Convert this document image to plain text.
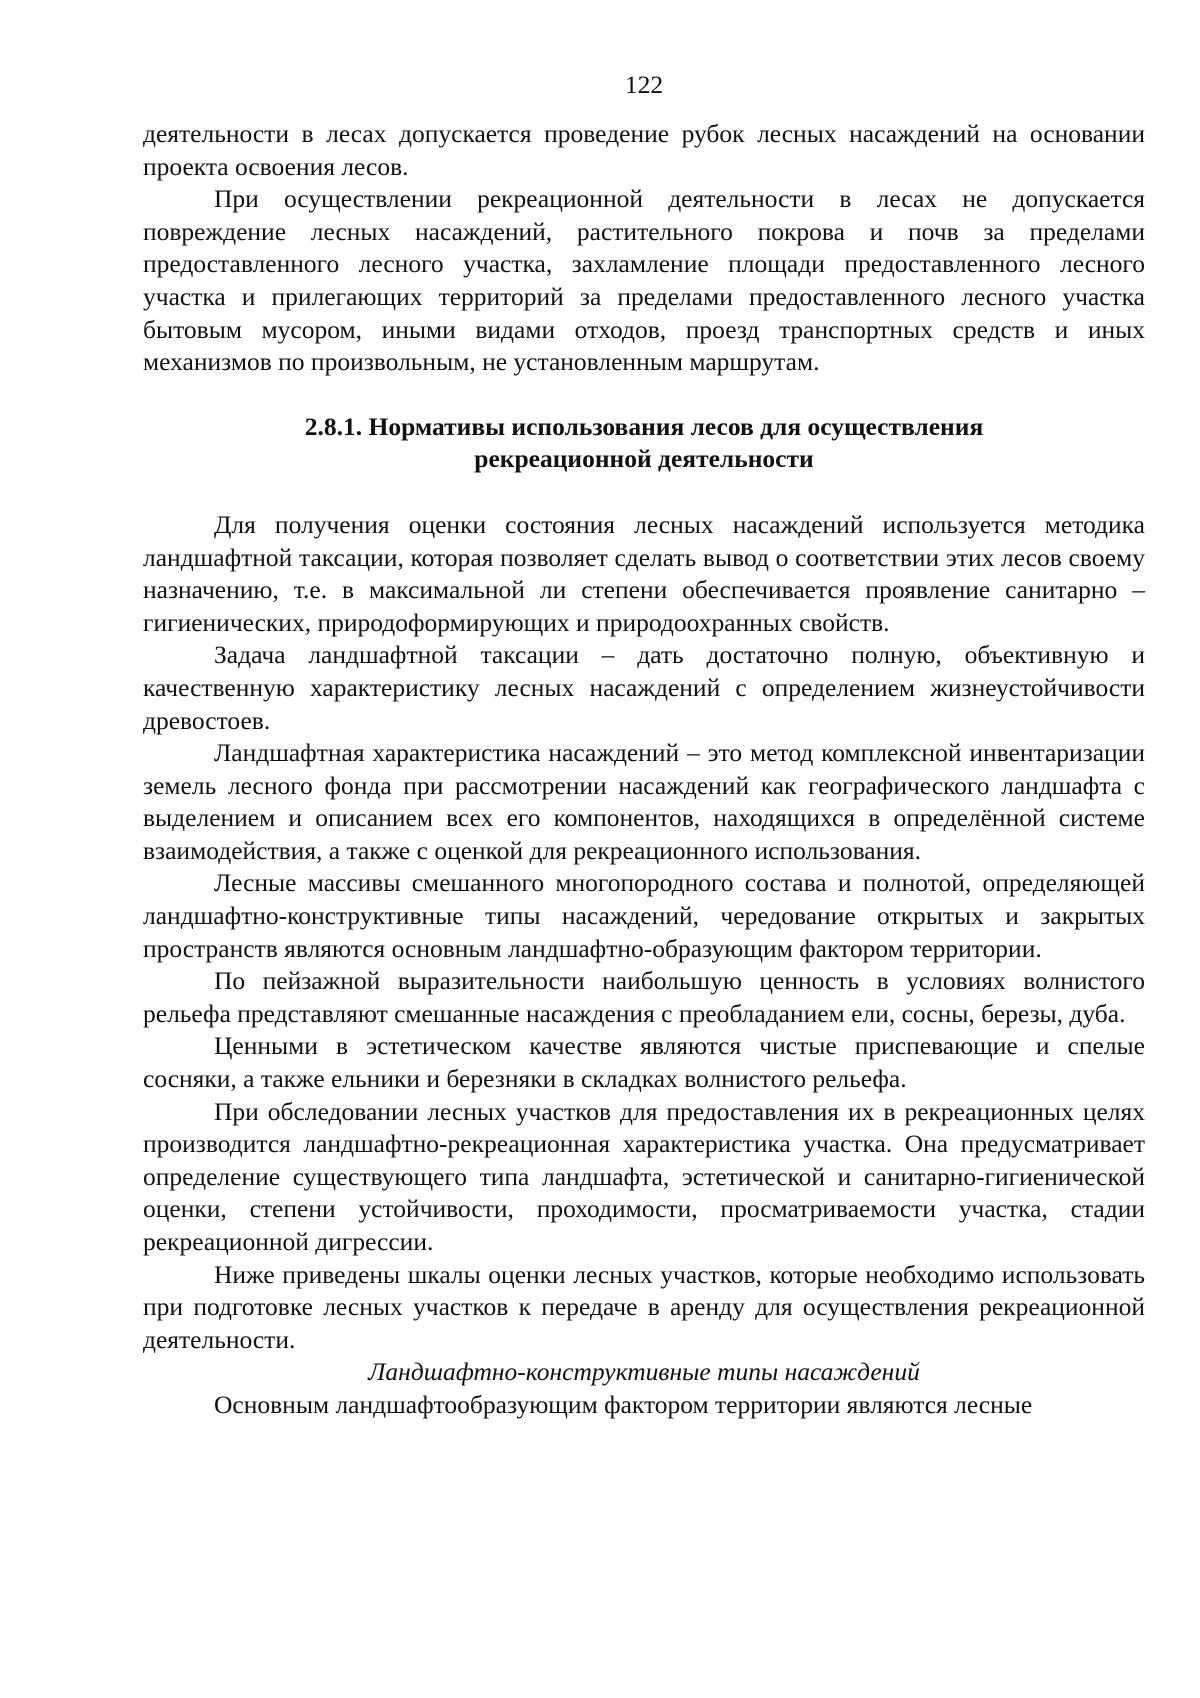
122

деятельности в лесах допускается проведение рубок лесных насаждений на основании проекта освоения лесов.

При осуществлении рекреационной деятельности в лесах не допускается повреждение лесных насаждений, растительного покрова и почв за пределами предоставленного лесного участка, захламление площади предоставленного лесного участка и прилегающих территорий за пределами предоставленного лесного участка бытовым мусором, иными видами отходов, проезд транспортных средств и иных механизмов по произвольным, не установленным маршрутам.

2.8.1. Нормативы использования лесов для осуществления
рекреационной деятельности

Для получения оценки состояния лесных насаждений используется методика ландшафтной таксации, которая позволяет сделать вывод о соответствии этих лесов своему назначению, т.е. в максимальной ли степени обеспечивается проявление санитарно – гигиенических, природоформирующих и природоохранных свойств.

Задача ландшафтной таксации – дать достаточно полную, объективную и качественную характеристику лесных насаждений с определением жизнеустойчивости древостоев.

Ландшафтная характеристика насаждений – это метод комплексной инвентаризации земель лесного фонда при рассмотрении насаждений как географического ландшафта с выделением и описанием всех его компонентов, находящихся в определённой системе взаимодействия, а также с оценкой для рекреационного использования.

Лесные массивы смешанного многопородного состава и полнотой, определяющей ландшафтно-конструктивные типы насаждений, чередование открытых и закрытых пространств являются основным ландшафтно-образующим фактором территории.

По пейзажной выразительности наибольшую ценность в условиях волнистого рельефа представляют смешанные насаждения с преобладанием ели, сосны, березы, дуба.

Ценными в эстетическом качестве являются чистые приспевающие и спелые сосняки, а также ельники и березняки в складках волнистого рельефа.

При обследовании лесных участков для предоставления их в рекреационных целях производится ландшафтно-рекреационная характеристика участка. Она предусматривает определение существующего типа ландшафта, эстетической и санитарно-гигиенической оценки, степени устойчивости, проходимости, просматриваемости участка, стадии рекреационной дигрессии.

Ниже приведены шкалы оценки лесных участков, которые необходимо использовать при подготовке лесных участков к передаче в аренду для осуществления рекреационной деятельности.

Ландшафтно-конструктивные типы насаждений

Основным ландшафтообразующим фактором территории являются лесные
